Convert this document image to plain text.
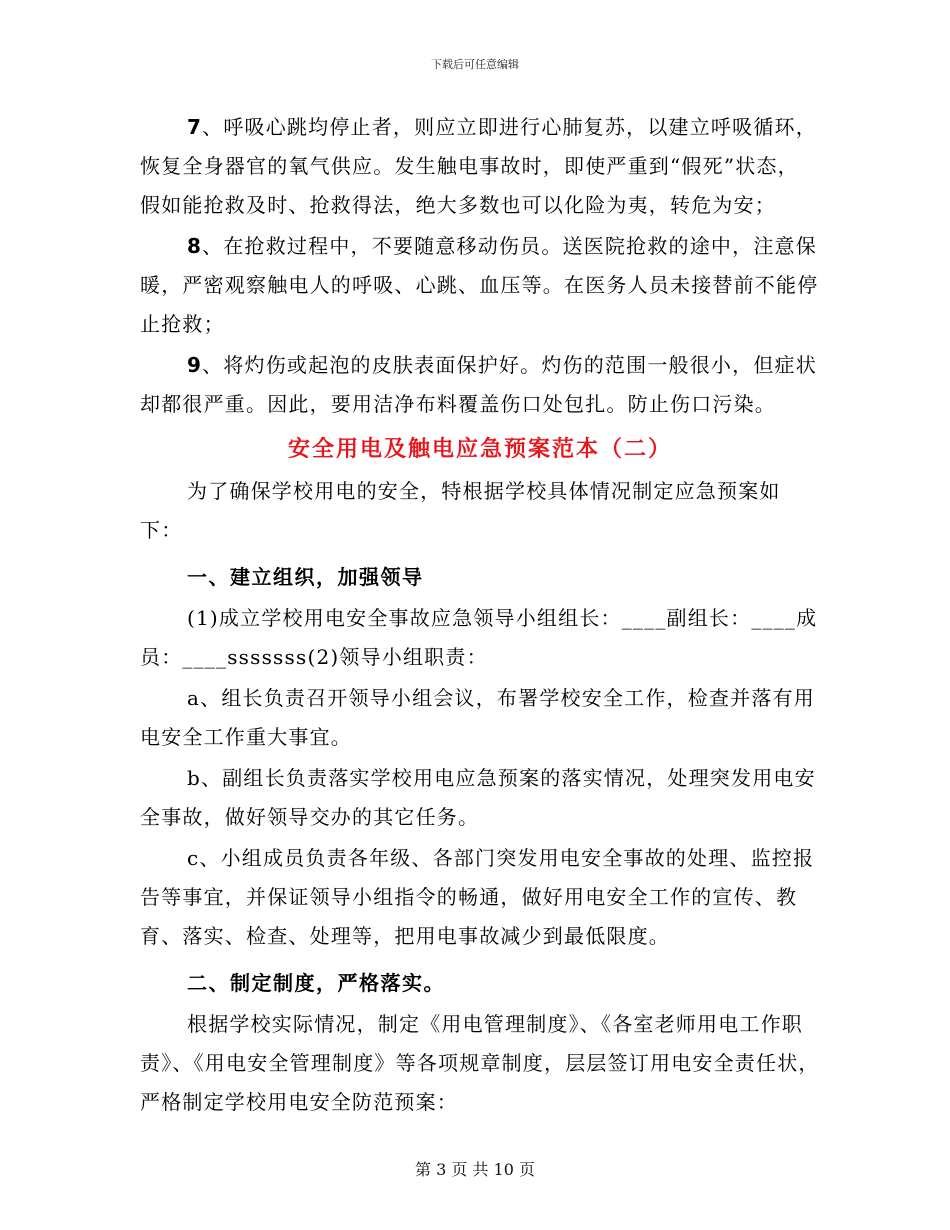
下载后可任意编辑

7、呼吸心跳均停止者，则应立即进行心肺复苏，以建立呼吸循环，恢复全身器官的氧气供应。发生触电事故时，即使严重到“假死”状态，假如能抢救及时、抢救得法，绝大多数也可以化险为夷，转危为安；

8、在抢救过程中，不要随意移动伤员。送医院抢救的途中，注意保暖，严密观察触电人的呼吸、心跳、血压等。在医务人员未接替前不能停止抢救；

9、将灼伤或起泡的皮肤表面保护好。灼伤的范围一般很小，但症状却都很严重。因此，要用洁净布料覆盖伤口处包扎。防止伤口污染。

安全用电及触电应急预案范本（二）

为了确保学校用电的安全，特根据学校具体情况制定应急预案如下：

一、建立组织，加强领导

(1)成立学校用电安全事故应急领导小组组长：____副组长：____成员：____sssssss(2)领导小组职责：

a、组长负责召开领导小组会议，布署学校安全工作，检查并落有用电安全工作重大事宜。

b、副组长负责落实学校用电应急预案的落实情况，处理突发用电安全事故，做好领导交办的其它任务。

c、小组成员负责各年级、各部门突发用电安全事故的处理、监控报告等事宜，并保证领导小组指令的畅通，做好用电安全工作的宣传、教育、落实、检查、处理等，把用电事故减少到最低限度。

二、制定制度，严格落实。

根据学校实际情况，制定《用电管理制度》、《各室老师用电工作职责》、《用电安全管理制度》等各项规章制度，层层签订用电安全责任状，严格制定学校用电安全防范预案：

第 3 页 共 10 页
